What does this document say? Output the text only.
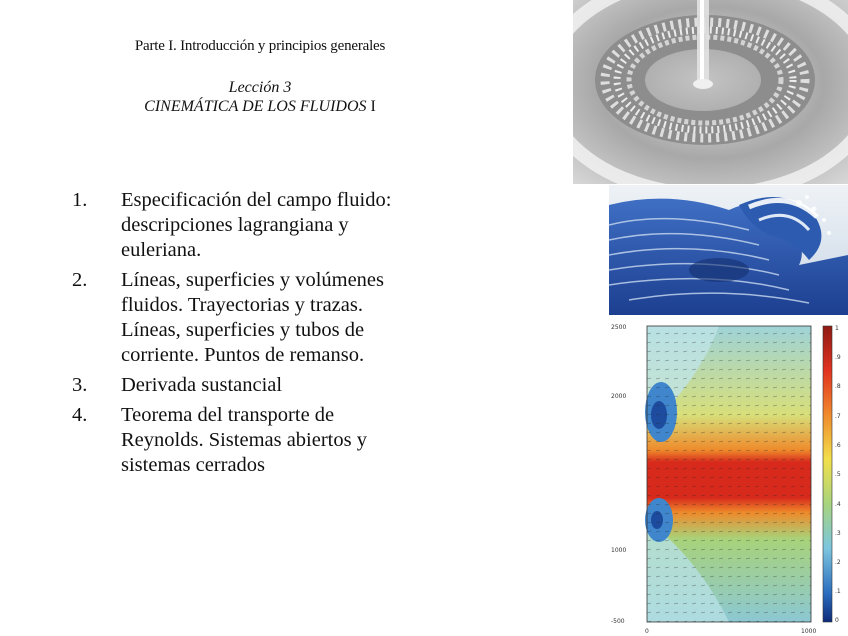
Parte I. Introducción y principios generales
Lección 3
CINEMÁTICA DE LOS FLUIDOS I
1.	Especificación del campo fluido: descripciones lagrangiana y euleriana.
2.	Líneas, superficies y volúmenes fluidos. Trayectorias y trazas. Líneas, superficies y tubos de corriente. Puntos de remanso.
3.	Derivada sustancial
4.	Teorema del transporte de Reynolds. Sistemas abiertos y sistemas cerrados
2500
2000
1000
-500
0	1000
1
.9
.8
.7
.6
.5
.4
.3
.2
.1
0
